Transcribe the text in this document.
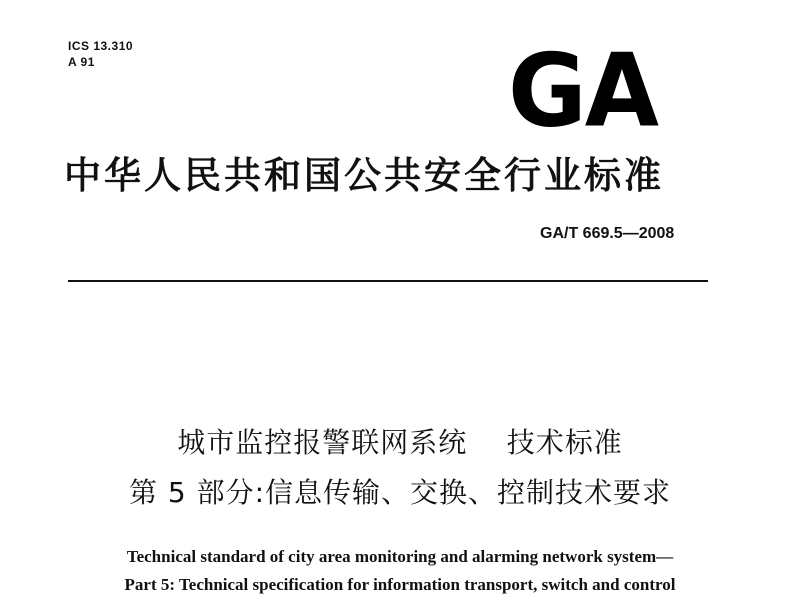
ICS 13.310
A 91	GA
中华人民共和国公共安全行业标准
GA/T 669.5—2008
城市监控报警联网系统    技术标准
第 5 部分:信息传输、交换、控制技术要求
Technical standard of city area monitoring and alarming network system—
Part 5: Technical specification for information transport, switch and control
